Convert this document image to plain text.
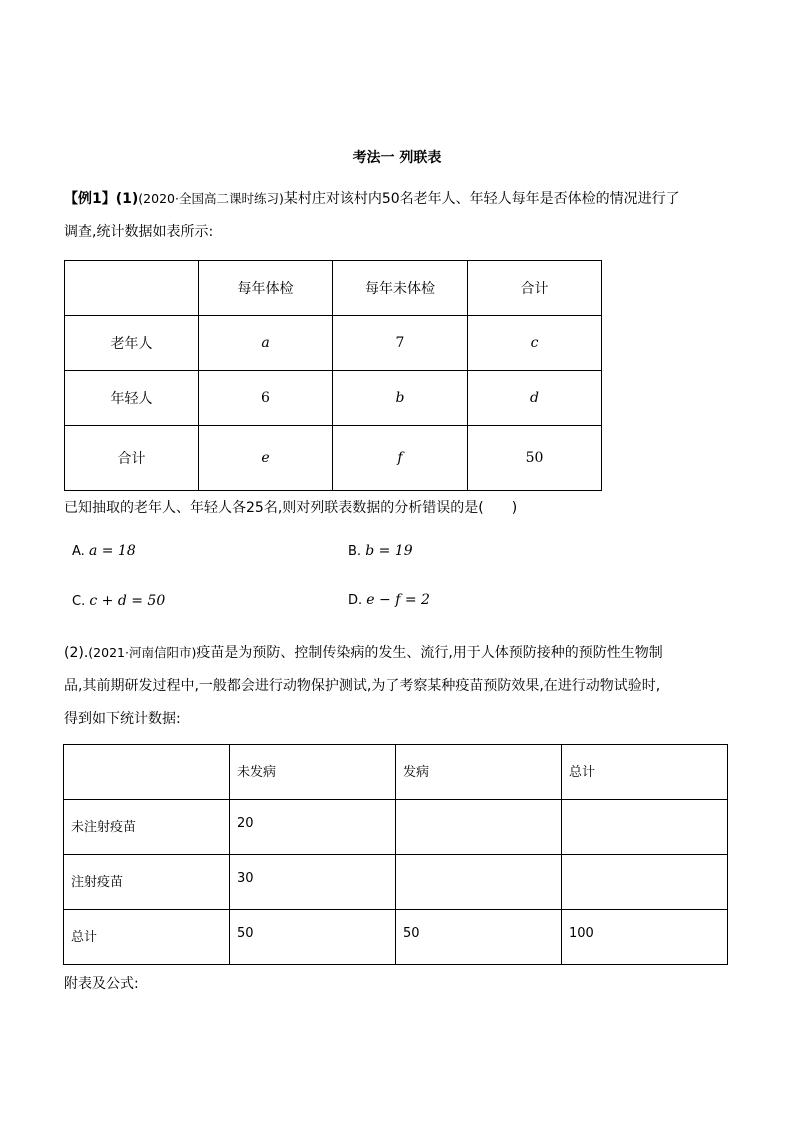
考法一 列联表
【例1】(1)(2020·全国高二课时练习)某村庄对该村内50名老年人、年轻人每年是否体检的情况进行了
调查,统计数据如表所示:
	每年体检	每年未体检	合计
老年人	a	7	c
年轻人	6	b	d
合计	e	f	50
已知抽取的老年人、年轻人各25名,则对列联表数据的分析错误的是(　　)
A. a = 18	B. b = 19
C. c + d = 50	D. e − f = 2
(2).(2021·河南信阳市)疫苗是为预防、控制传染病的发生、流行,用于人体预防接种的预防性生物制
品,其前期研发过程中,一般都会进行动物保护测试,为了考察某种疫苗预防效果,在进行动物试验时,
得到如下统计数据:
	未发病	发病	总计
未注射疫苗	20		
注射疫苗	30		
总计	50	50	100
附表及公式:
